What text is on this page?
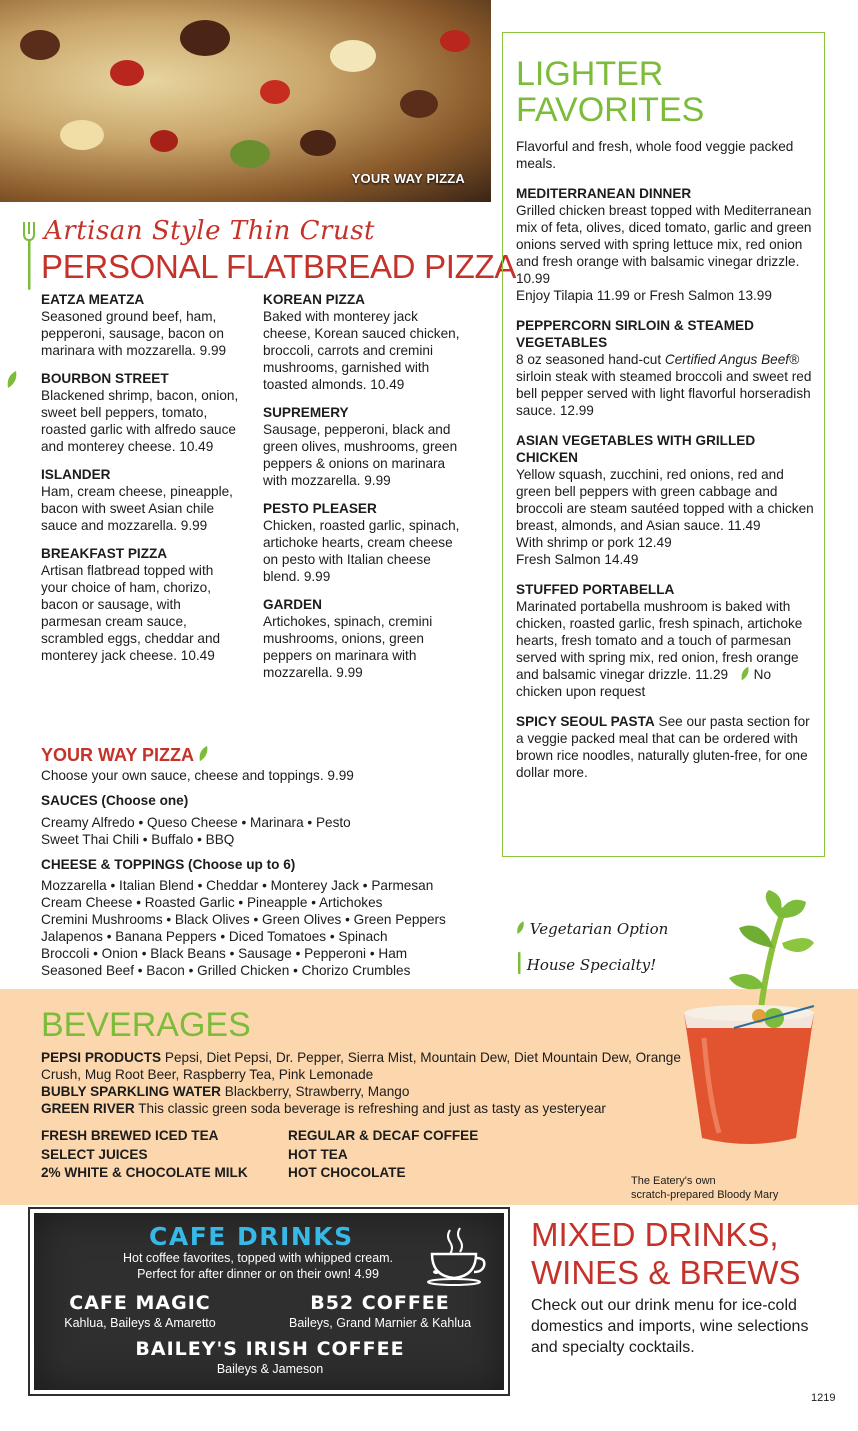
YOUR WAY PIZZA
Artisan Style Thin Crust
PERSONAL FLATBREAD PIZZA
EATZA MEATZA
Seasoned ground beef, ham, pepperoni, sausage, bacon on marinara with mozzarella. 9.99
BOURBON STREET
Blackened shrimp, bacon, onion, sweet bell peppers, tomato, roasted garlic with alfredo sauce and monterey cheese. 10.49
ISLANDER
Ham, cream cheese, pineapple, bacon with sweet Asian chile sauce and mozzarella. 9.99
BREAKFAST PIZZA
Artisan flatbread topped with your choice of ham, chorizo, bacon or sausage, with parmesan cream sauce, scrambled eggs, cheddar and monterey jack cheese. 10.49
KOREAN PIZZA
Baked with monterey jack cheese, Korean sauced chicken, broccoli, carrots and cremini mushrooms, garnished with toasted almonds. 10.49
SUPREMERY
Sausage, pepperoni, black and green olives, mushrooms, green peppers & onions on marinara with mozzarella. 9.99
PESTO PLEASER
Chicken, roasted garlic, spinach, artichoke hearts, cream cheese on pesto with Italian cheese blend. 9.99
GARDEN
Artichokes, spinach, cremini mushrooms, onions, green peppers on marinara with mozzarella. 9.99
YOUR WAY PIZZA
Choose your own sauce, cheese and toppings. 9.99
SAUCES (Choose one)
Creamy Alfredo • Queso Cheese • Marinara • Pesto
Sweet Thai Chili • Buffalo • BBQ
CHEESE & TOPPINGS (Choose up to 6)
Mozzarella • Italian Blend • Cheddar • Monterey Jack • Parmesan
Cream Cheese • Roasted Garlic • Pineapple • Artichokes
Cremini Mushrooms • Black Olives • Green Olives • Green Peppers
Jalapenos • Banana Peppers • Diced Tomatoes • Spinach
Broccoli • Onion • Black Beans • Sausage • Pepperoni • Ham
Seasoned Beef • Bacon • Grilled Chicken • Chorizo Crumbles
LIGHTER
FAVORITES
Flavorful and fresh, whole food veggie packed meals.
MEDITERRANEAN DINNER
Grilled chicken breast topped with Mediterranean mix of feta, olives, diced tomato, garlic and green onions served with spring lettuce mix, red onion and fresh orange with balsamic vinegar drizzle. 10.99
Enjoy Tilapia 11.99 or Fresh Salmon 13.99
PEPPERCORN SIRLOIN & STEAMED VEGETABLES
8 oz seasoned hand-cut Certified Angus Beef® sirloin steak with steamed broccoli and sweet red bell pepper served with light flavorful horseradish sauce. 12.99
ASIAN VEGETABLES WITH GRILLED CHICKEN
Yellow squash, zucchini, red onions, red and green bell peppers with green cabbage and broccoli are steam sautéed topped with a chicken breast, almonds, and Asian sauce. 11.49
With shrimp or pork 12.49
Fresh Salmon 14.49
STUFFED PORTABELLA
Marinated portabella mushroom is baked with chicken, roasted garlic, fresh spinach, artichoke hearts, fresh tomato and a touch of parmesan served with spring mix, red onion, fresh orange and balsamic vinegar drizzle. 11.29 No chicken upon request
SPICY SEOUL PASTA See our pasta section for a veggie packed meal that can be ordered with brown rice noodles, naturally gluten-free, for one dollar more.
Vegetarian Option
House Specialty!
BEVERAGES
PEPSI PRODUCTS Pepsi, Diet Pepsi, Dr. Pepper, Sierra Mist, Mountain Dew, Diet Mountain Dew, Orange Crush, Mug Root Beer, Raspberry Tea, Pink Lemonade
BUBLY SPARKLING WATER Blackberry, Strawberry, Mango
GREEN RIVER This classic green soda beverage is refreshing and just as tasty as yesteryear
FRESH BREWED ICED TEA
SELECT JUICES
2% WHITE & CHOCOLATE MILK
REGULAR & DECAF COFFEE
HOT TEA
HOT CHOCOLATE
The Eatery's own
scratch-prepared Bloody Mary
CAFE DRINKS
Hot coffee favorites, topped with whipped cream.
Perfect for after dinner or on their own! 4.99
CAFE MAGIC
Kahlua, Baileys & Amaretto
B52 COFFEE
Baileys, Grand Marnier & Kahlua
BAILEY'S IRISH COFFEE
Baileys & Jameson
MIXED DRINKS,
WINES & BREWS
Check out our drink menu for ice-cold domestics and imports, wine selections and specialty cocktails.
1219
